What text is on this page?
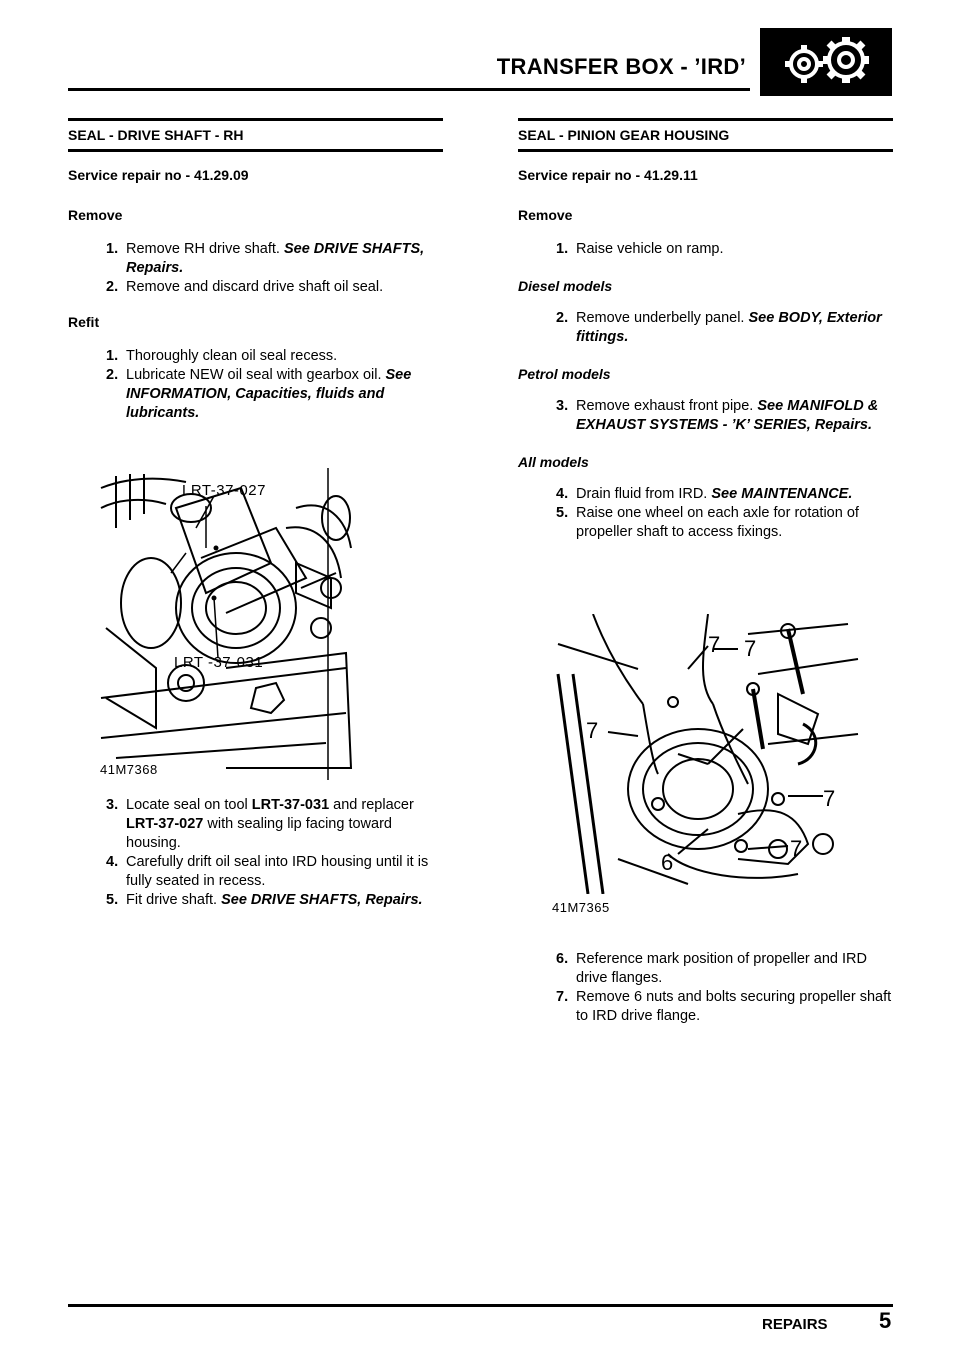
TRANSFER BOX - ’IRD’
SEAL - DRIVE SHAFT - RH
Service repair no - 41.29.09
Remove
1. Remove RH drive shaft. See DRIVE SHAFTS, Repairs.
2. Remove and discard drive shaft oil seal.
Refit
1. Thoroughly clean oil seal recess.
2. Lubricate NEW oil seal with gearbox oil. See INFORMATION, Capacities, fluids and lubricants.
LRT-37-027
LRT -37-031
41M7368
3. Locate seal on tool LRT-37-031 and replacer LRT-37-027 with sealing lip facing toward housing.
4. Carefully drift oil seal into IRD housing until it is fully seated in recess.
5. Fit drive shaft. See DRIVE SHAFTS, Repairs.
SEAL - PINION GEAR HOUSING
Service repair no - 41.29.11
Remove
1. Raise vehicle on ramp.
Diesel models
2. Remove underbelly panel. See BODY, Exterior fittings.
Petrol models
3. Remove exhaust front pipe. See MANIFOLD & EXHAUST SYSTEMS - ’K’ SERIES, Repairs.
All models
4. Drain fluid from IRD. See MAINTENANCE.
5. Raise one wheel on each axle for rotation of propeller shaft to access fixings.
7 7
7
7
7
6
41M7365
6. Reference mark position of propeller and IRD drive flanges.
7. Remove 6 nuts and bolts securing propeller shaft to IRD drive flange.
REPAIRS 5
